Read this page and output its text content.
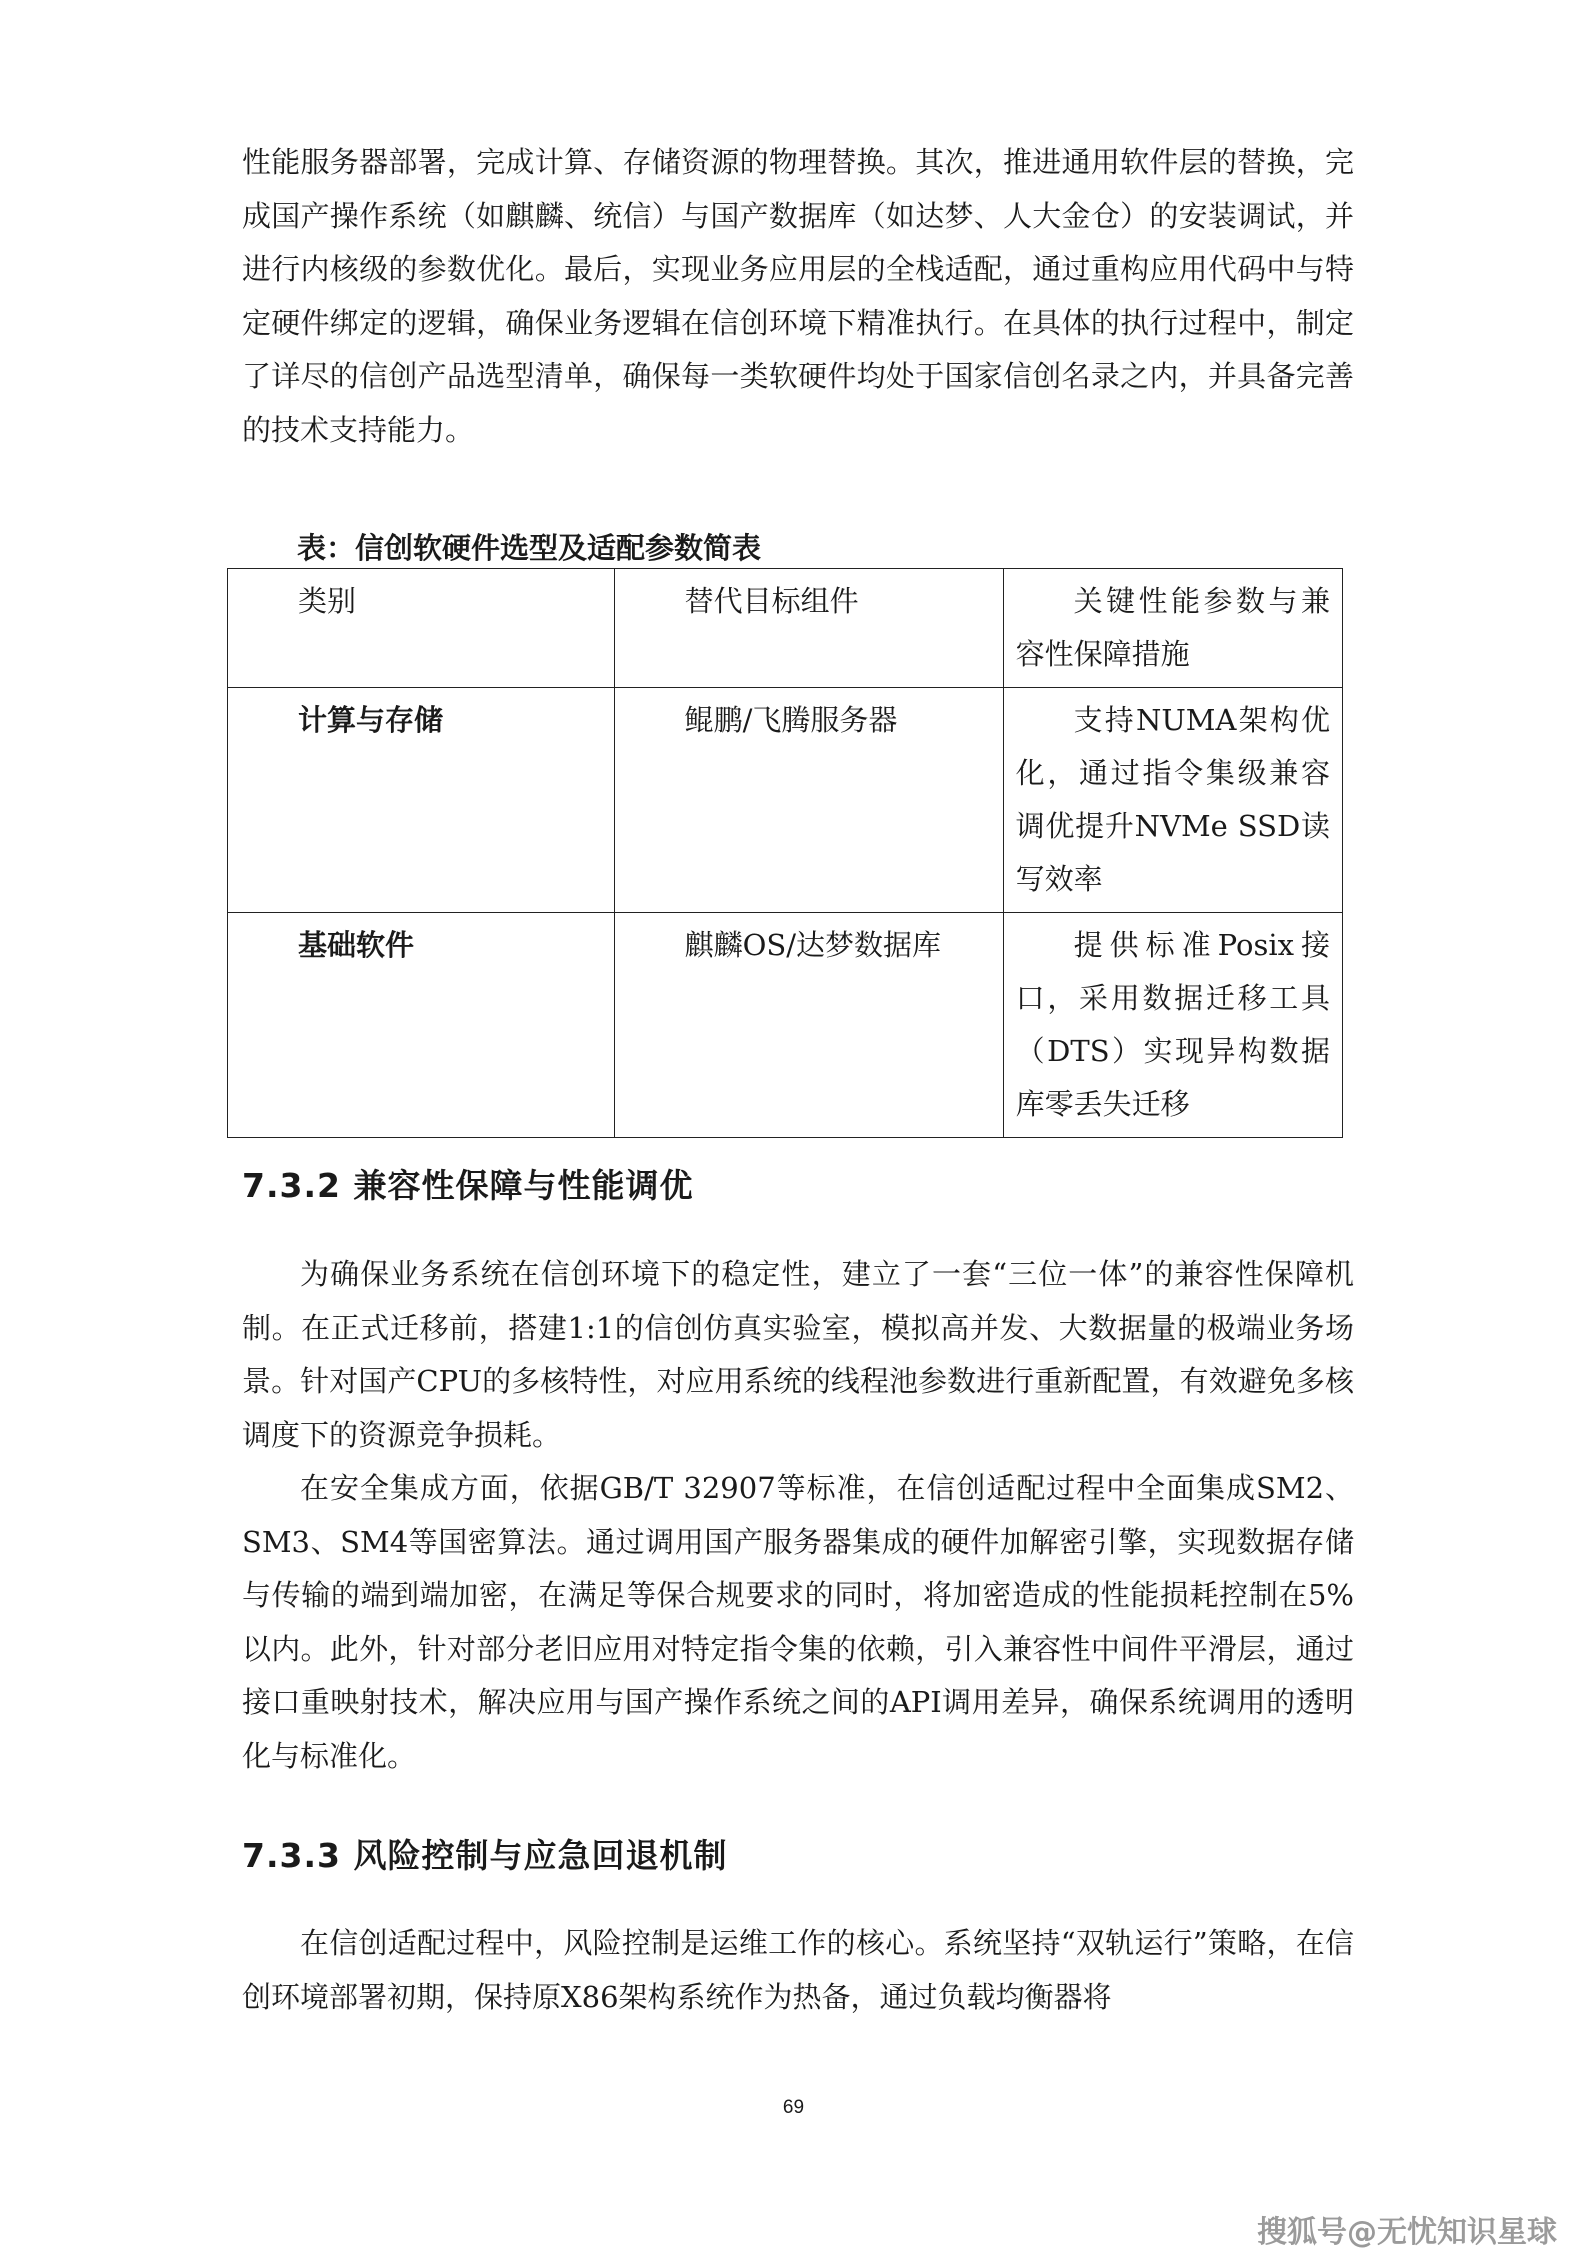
性能服务器部署，完成计算、存储资源的物理替换。其次，推进通用软件层的替换，完成国产操作系统（如麒麟、统信）与国产数据库（如达梦、人大金仓）的安装调试，并进行内核级的参数优化。最后，实现业务应用层的全栈适配，通过重构应用代码中与特定硬件绑定的逻辑，确保业务逻辑在信创环境下精准执行。在具体的执行过程中，制定了详尽的信创产品选型清单，确保每一类软硬件均处于国家信创名录之内，并具备完善的技术支持能力。

表：信创软硬件选型及适配参数简表

类别	替代目标组件	关键性能参数与兼容性保障措施

计算与存储	鲲鹏/飞腾服务器	支持NUMA架构优化，通过指令集级兼容调优提升NVMe SSD读写效率

基础软件	麒麟OS/达梦数据库	提供标准Posix接口，采用数据迁移工具（DTS）实现异构数据库零丢失迁移
7.3.2 兼容性保障与性能调优

为确保业务系统在信创环境下的稳定性，建立了一套“三位一体”的兼容性保障机制。在正式迁移前，搭建1:1的信创仿真实验室，模拟高并发、大数据量的极端业务场景。针对国产CPU的多核特性，对应用系统的线程池参数进行重新配置，有效避免多核调度下的资源竞争损耗。

在安全集成方面，依据GB/T 32907等标准，在信创适配过程中全面集成SM2、SM3、SM4等国密算法。通过调用国产服务器集成的硬件加解密引擎，实现数据存储与传输的端到端加密，在满足等保合规要求的同时，将加密造成的性能损耗控制在5%以内。此外，针对部分老旧应用对特定指令集的依赖，引入兼容性中间件平滑层，通过接口重映射技术，解决应用与国产操作系统之间的API调用差异，确保系统调用的透明化与标准化。

7.3.3 风险控制与应急回退机制

在信创适配过程中，风险控制是运维工作的核心。系统坚持“双轨运行”策略，在信创环境部署初期，保持原X86架构系统作为热备，通过负载均衡器将

69
搜狐号@无忧知识星球
